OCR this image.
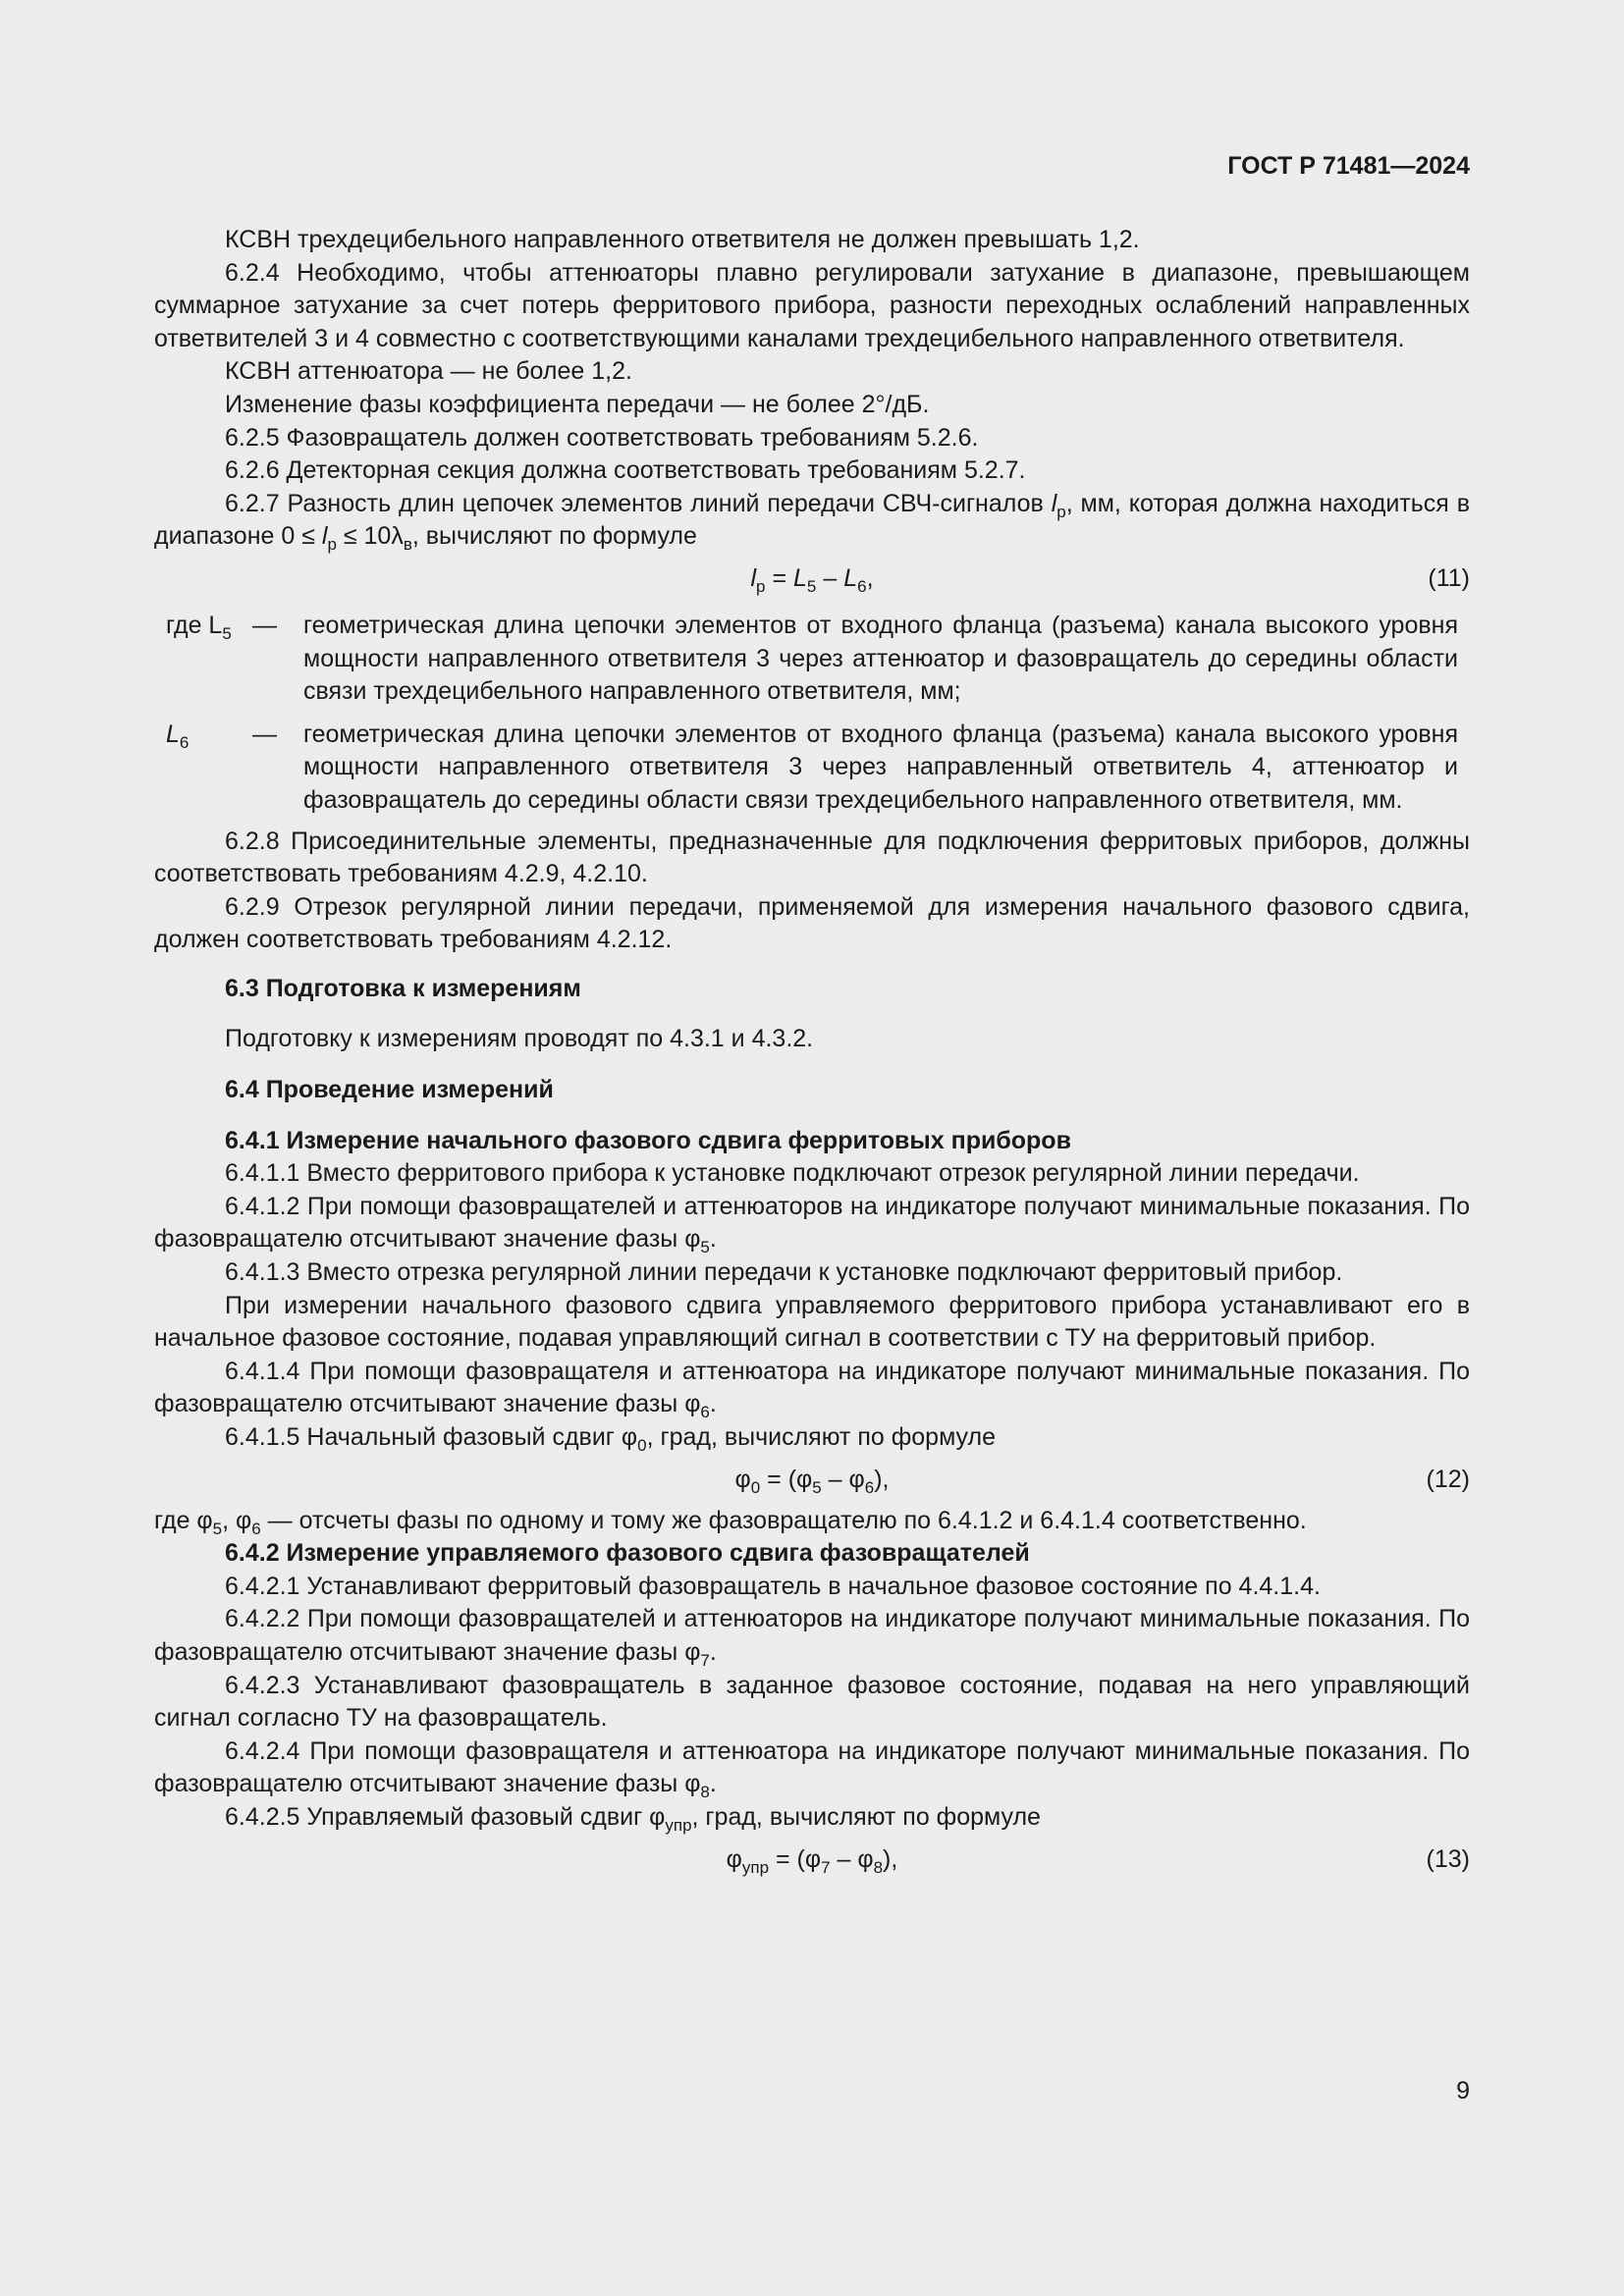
ГОСТ Р 71481—2024

КСВН трехдецибельного направленного ответвителя не должен превышать 1,2.

6.2.4 Необходимо, чтобы аттенюаторы плавно регулировали затухание в диапазоне, превышающем суммарное затухание за счет потерь ферритового прибора, разности переходных ослаблений направленных ответвителей 3 и 4 совместно с соответствующими каналами трехдецибельного направленного ответвителя.

КСВН аттенюатора — не более 1,2.

Изменение фазы коэффициента передачи — не более 2°/дБ.

6.2.5 Фазовращатель должен соответствовать требованиям 5.2.6.

6.2.6 Детекторная секция должна соответствовать требованиям 5.2.7.

6.2.7 Разность длин цепочек элементов линий передачи СВЧ-сигналов $l_р$, мм, которая должна находиться в диапазоне $0 \le l_р \le 10\lambda_в$, вычисляют по формуле

$l_р = L_5 - L_6$,	(11)
где $L_5$ —	геометрическая длина цепочки элементов от входного фланца (разъема) канала высокого уровня мощности направленного ответвителя 3 через аттенюатор и фазовращатель до середины области связи трехдецибельного направленного ответвителя, мм;
$L_6$	—	геометрическая длина цепочки элементов от входного фланца (разъема) канала высокого уровня мощности направленного ответвителя 3 через направленный ответвитель 4, аттенюатор и фазовращатель до середины области связи трехдецибельного направленного ответвителя, мм.

6.2.8 Присоединительные элементы, предназначенные для подключения ферритовых приборов, должны соответствовать требованиям 4.2.9, 4.2.10.

6.2.9 Отрезок регулярной линии передачи, применяемой для измерения начального фазового сдвига, должен соответствовать требованиям 4.2.12.

6.3 Подготовка к измерениям

Подготовку к измерениям проводят по 4.3.1 и 4.3.2.

6.4 Проведение измерений

6.4.1 Измерение начального фазового сдвига ферритовых приборов

6.4.1.1 Вместо ферритового прибора к установке подключают отрезок регулярной линии передачи.

6.4.1.2 При помощи фазовращателей и аттенюаторов на индикаторе получают минимальные показания. По фазовращателю отсчитывают значение фазы $\varphi_5$.

6.4.1.3 Вместо отрезка регулярной линии передачи к установке подключают ферритовый прибор.

При измерении начального фазового сдвига управляемого ферритового прибора устанавливают его в начальное фазовое состояние, подавая управляющий сигнал в соответствии с ТУ на ферритовый прибор.

6.4.1.4 При помощи фазовращателя и аттенюатора на индикаторе получают минимальные показания. По фазовращателю отсчитывают значение фазы $\varphi_6$.

6.4.1.5 Начальный фазовый сдвиг $\varphi_0$, град, вычисляют по формуле

$\varphi_0 = (\varphi_5 - \varphi_6)$,	(12)

где $\varphi_5$, $\varphi_6$ — отсчеты фазы по одному и тому же фазовращателю по 6.4.1.2 и 6.4.1.4 соответственно.

6.4.2 Измерение управляемого фазового сдвига фазовращателей

6.4.2.1 Устанавливают ферритовый фазовращатель в начальное фазовое состояние по 4.4.1.4.

6.4.2.2 При помощи фазовращателей и аттенюаторов на индикаторе получают минимальные показания. По фазовращателю отсчитывают значение фазы $\varphi_7$.

6.4.2.3 Устанавливают фазовращатель в заданное фазовое состояние, подавая на него управляющий сигнал согласно ТУ на фазовращатель.

6.4.2.4 При помощи фазовращателя и аттенюатора на индикаторе получают минимальные показания. По фазовращателю отсчитывают значение фазы $\varphi_8$.

6.4.2.5 Управляемый фазовый сдвиг $\varphi_{упр}$, град, вычисляют по формуле

$\varphi_{упр} = (\varphi_7 - \varphi_8)$,	(13)
9
